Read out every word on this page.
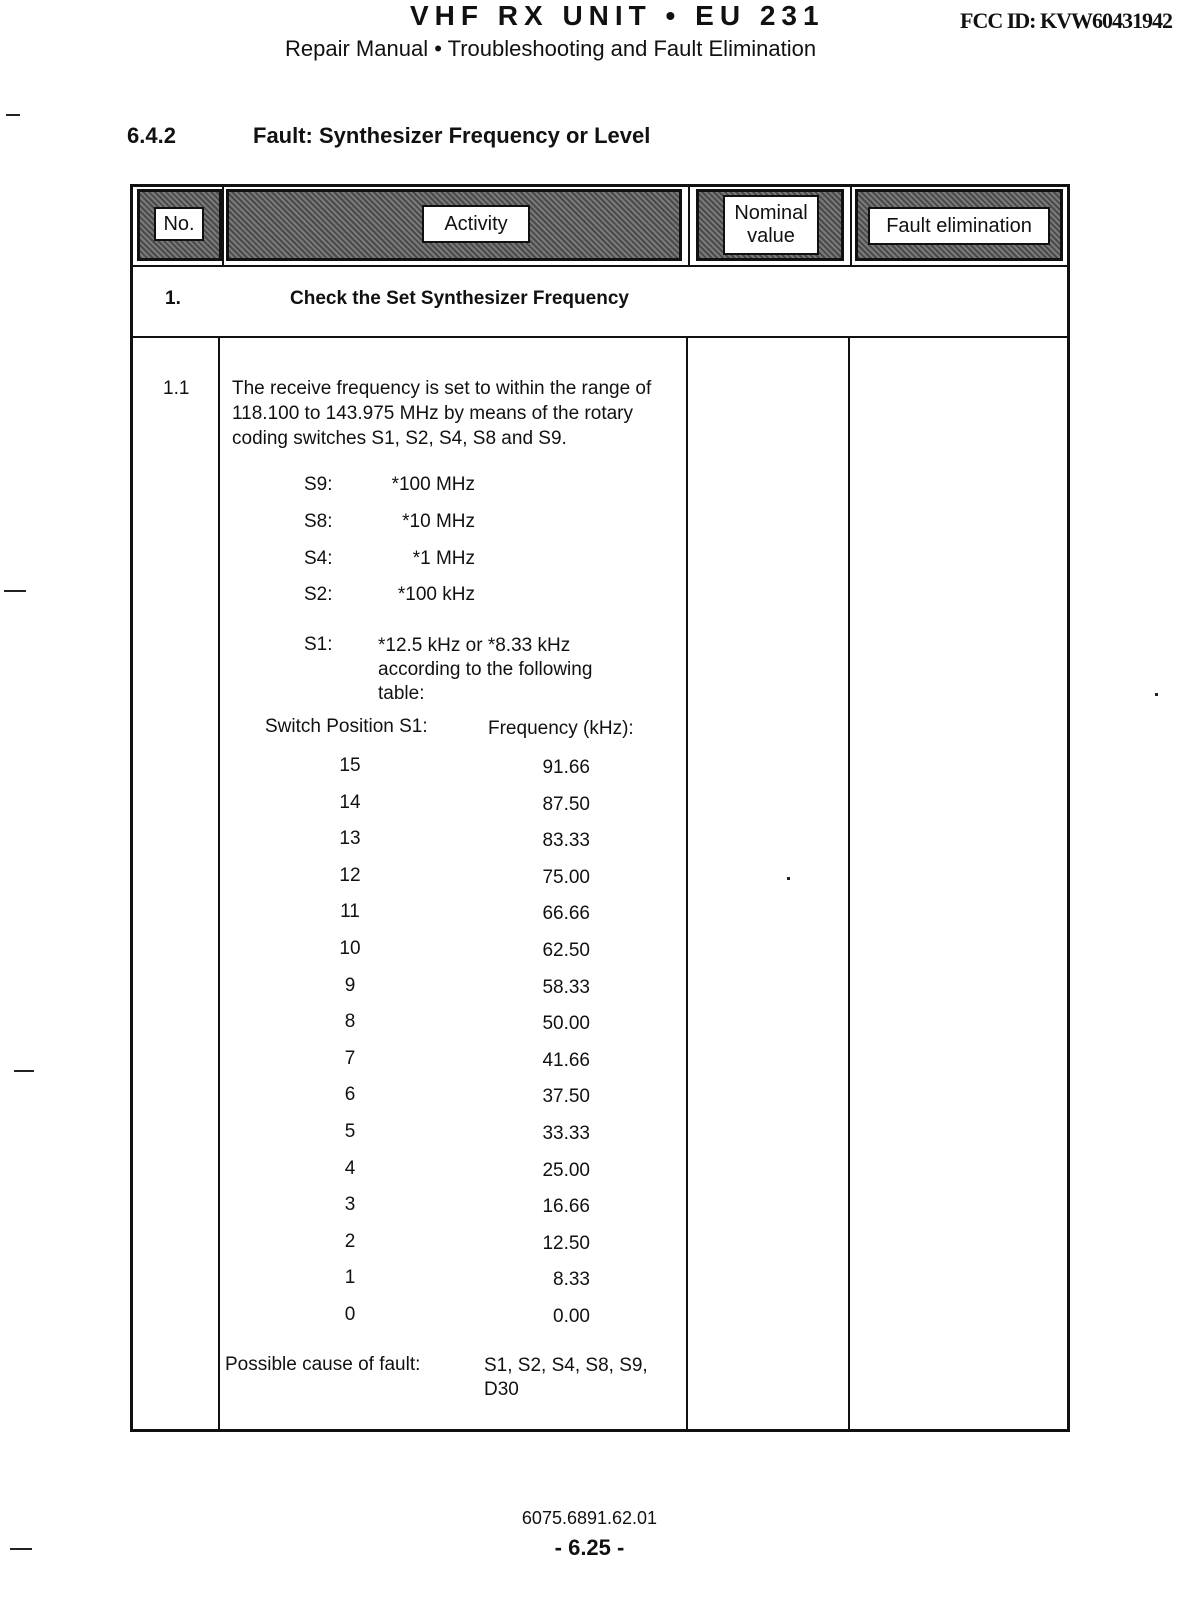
VHF RX UNIT • EU 231	FCC ID: KVW60431942
Repair Manual • Troubleshooting and Fault Elimination
6.4.2	Fault: Synthesizer Frequency or Level
No.	Activity	Nominal value	Fault elimination
1.	Check the Set Synthesizer Frequency
1.1 The receive frequency is set to within the range of 118.100 to 143.975 MHz by means of the rotary coding switches S1, S2, S4, S8 and S9.
S9:	*100 MHz
S8:	*10 MHz
S4:	*1 MHz
S2:	*100 kHz
S1: *12.5 kHz or *8.33 kHz according to the following table:
Switch Position S1:	Frequency (kHz):
15	91.66
14	87.50
13	83.33
12	75.00
11	66.66
10	62.50
9	58.33
8	50.00
7	41.66
6	37.50
5	33.33
4	25.00
3	16.66
2	12.50
1	8.33
0	0.00
Possible cause of fault:	S1, S2, S4, S8, S9, D30
6075.6891.62.01
- 6.25 -
